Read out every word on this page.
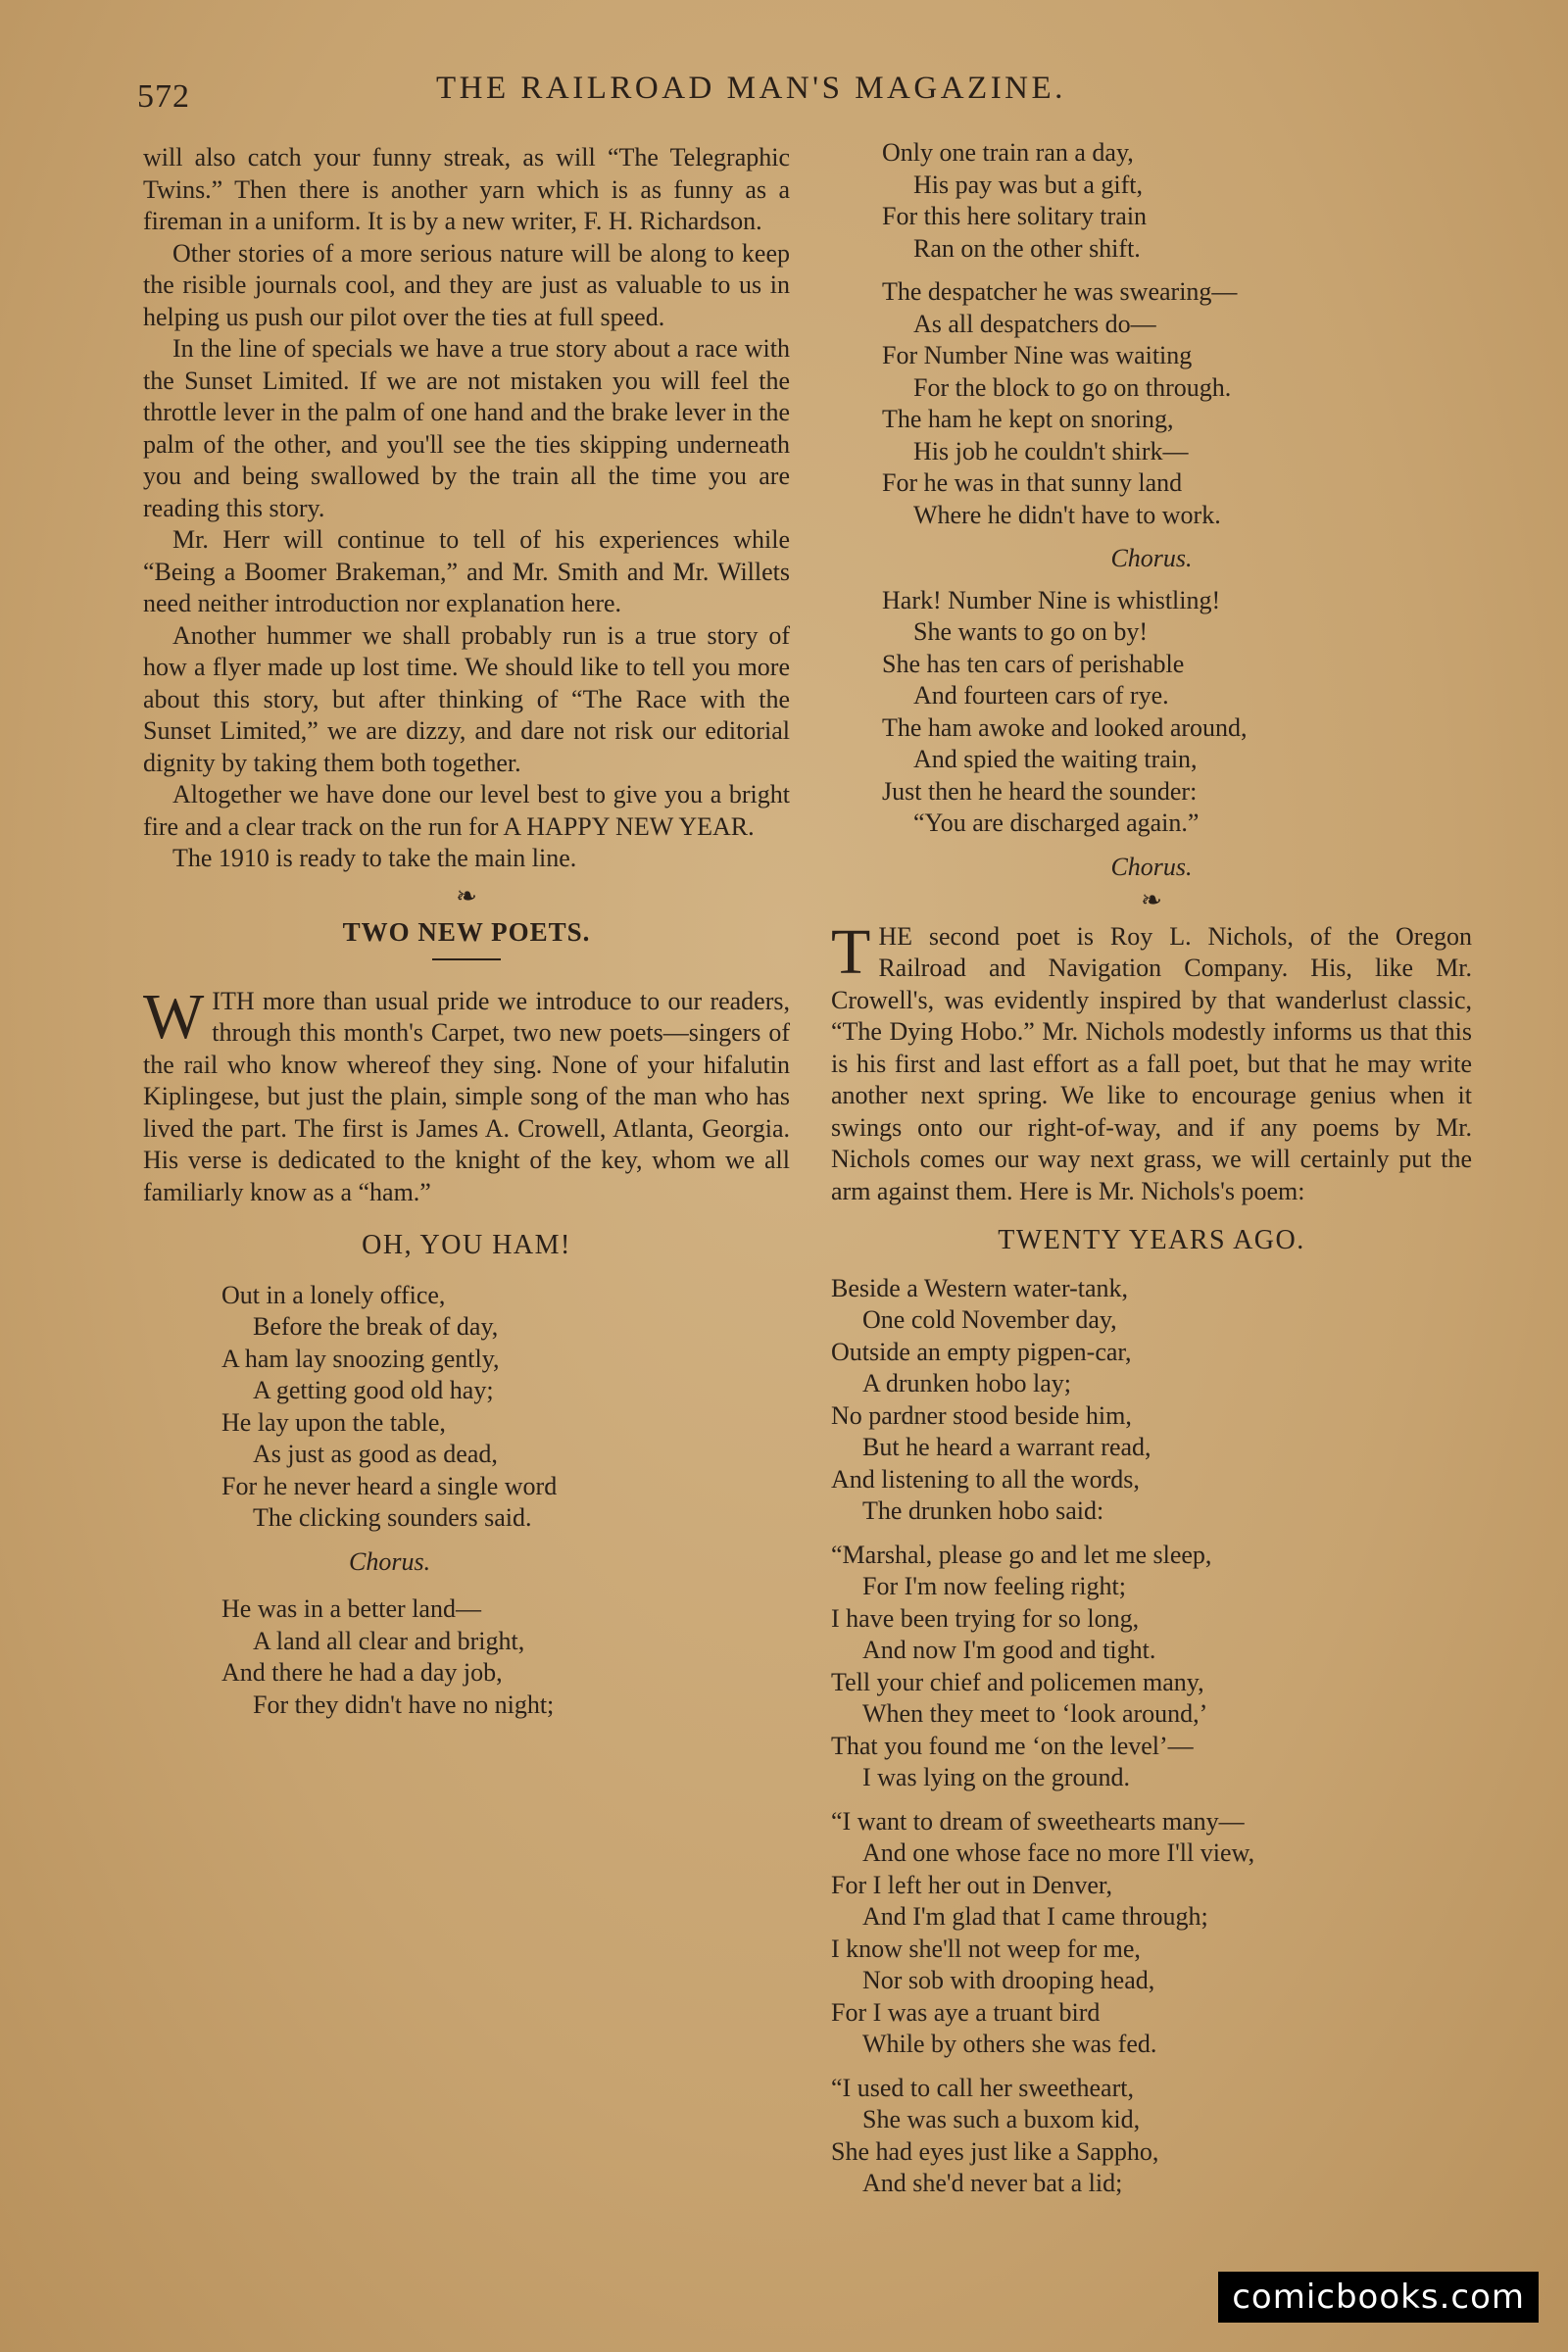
572	THE RAILROAD MAN'S MAGAZINE.

will also catch your funny streak, as will “The Telegraphic Twins.” Then there is another yarn which is as funny as a fireman in a uniform. It is by a new writer, F. H. Richardson.

Other stories of a more serious nature will be along to keep the risible journals cool, and they are just as valuable to us in helping us push our pilot over the ties at full speed.

In the line of specials we have a true story about a race with the Sunset Limited. If we are not mistaken you will feel the throttle lever in the palm of one hand and the brake lever in the palm of the other, and you'll see the ties skipping underneath you and being swallowed by the train all the time you are reading this story.

Mr. Herr will continue to tell of his experiences while “Being a Boomer Brakeman,” and Mr. Smith and Mr. Willets need neither introduction nor explanation here.

Another hummer we shall probably run is a true story of how a flyer made up lost time. We should like to tell you more about this story, but after thinking of “The Race with the Sunset Limited,” we are dizzy, and dare not risk our editorial dignity by taking them both together.

Altogether we have done our level best to give you a bright fire and a clear track on the run for A HAPPY NEW YEAR.

The 1910 is ready to take the main line.

❧
TWO NEW POETS.

WITH more than usual pride we introduce to our readers, through this month's Carpet, two new poets—singers of the rail who know whereof they sing. None of your hifalutin Kiplingese, but just the plain, simple song of the man who has lived the part. The first is James A. Crowell, Atlanta, Georgia. His verse is dedicated to the knight of the key, whom we all familiarly know as a “ham.”

OH, YOU HAM!
Out in a lonely office,
Before the break of day,
A ham lay snoozing gently,
A getting good old hay;
He lay upon the table,
As just as good as dead,
For he never heard a single word
The clicking sounders said.
Chorus.
He was in a better land—
A land all clear and bright,
And there he had a day job,
For they didn't have no night;
Only one train ran a day,
His pay was but a gift,
For this here solitary train
Ran on the other shift.
The despatcher he was swearing—
As all despatchers do—
For Number Nine was waiting
For the block to go on through.
The ham he kept on snoring,
His job he couldn't shirk—
For he was in that sunny land
Where he didn't have to work.
Chorus.
Hark! Number Nine is whistling!
She wants to go on by!
She has ten cars of perishable
And fourteen cars of rye.
The ham awoke and looked around,
And spied the waiting train,
Just then he heard the sounder:
“You are discharged again.”
Chorus.
❧

THE second poet is Roy L. Nichols, of the Oregon Railroad and Navigation Company. His, like Mr. Crowell's, was evidently inspired by that wanderlust classic, “The Dying Hobo.” Mr. Nichols modestly informs us that this is his first and last effort as a fall poet, but that he may write another next spring. We like to encourage genius when it swings onto our right-of-way, and if any poems by Mr. Nichols comes our way next grass, we will certainly put the arm against them. Here is Mr. Nichols's poem:

TWENTY YEARS AGO.
Beside a Western water-tank,
One cold November day,
Outside an empty pigpen-car,
A drunken hobo lay;
No pardner stood beside him,
But he heard a warrant read,
And listening to all the words,
The drunken hobo said:
“Marshal, please go and let me sleep,
For I'm now feeling right;
I have been trying for so long,
And now I'm good and tight.
Tell your chief and policemen many,
When they meet to ‘look around,’
That you found me ‘on the level’—
I was lying on the ground.
“I want to dream of sweethearts many—
And one whose face no more I'll view,
For I left her out in Denver,
And I'm glad that I came through;
I know she'll not weep for me,
Nor sob with drooping head,
For I was aye a truant bird
While by others she was fed.
“I used to call her sweetheart,
She was such a buxom kid,
She had eyes just like a Sappho,
And she'd never bat a lid;
comicbooks.com
